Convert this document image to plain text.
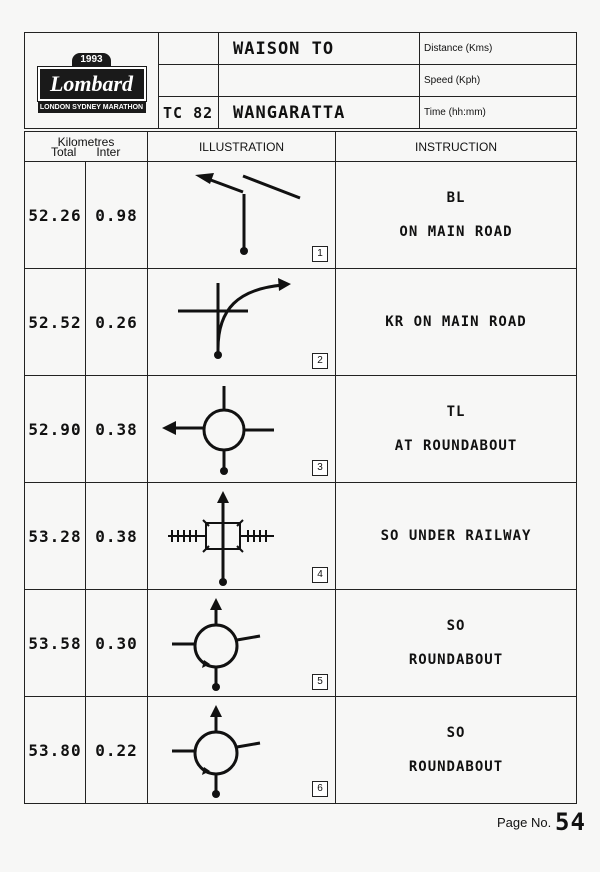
1993
Lombard
LONDON SYDNEY MARATHON		WAISON TO	Distance (Kms)
			Speed (Kph)
	TC 82	WANGARATTA	Time (hh:mm)
Kilometres
Total Inter		ILLUSTRATION	INSTRUCTION
52.26	0.98	1	BL
ON MAIN ROAD

52.52	0.26	2	KR ON MAIN ROAD

52.90	0.38	3	TL
AT ROUNDABOUT

53.28	0.38	4	SO UNDER RAILWAY

53.58	0.30	5	SO
ROUNDABOUT

53.80	0.22	6	SO
ROUNDABOUT
Page No. 54
